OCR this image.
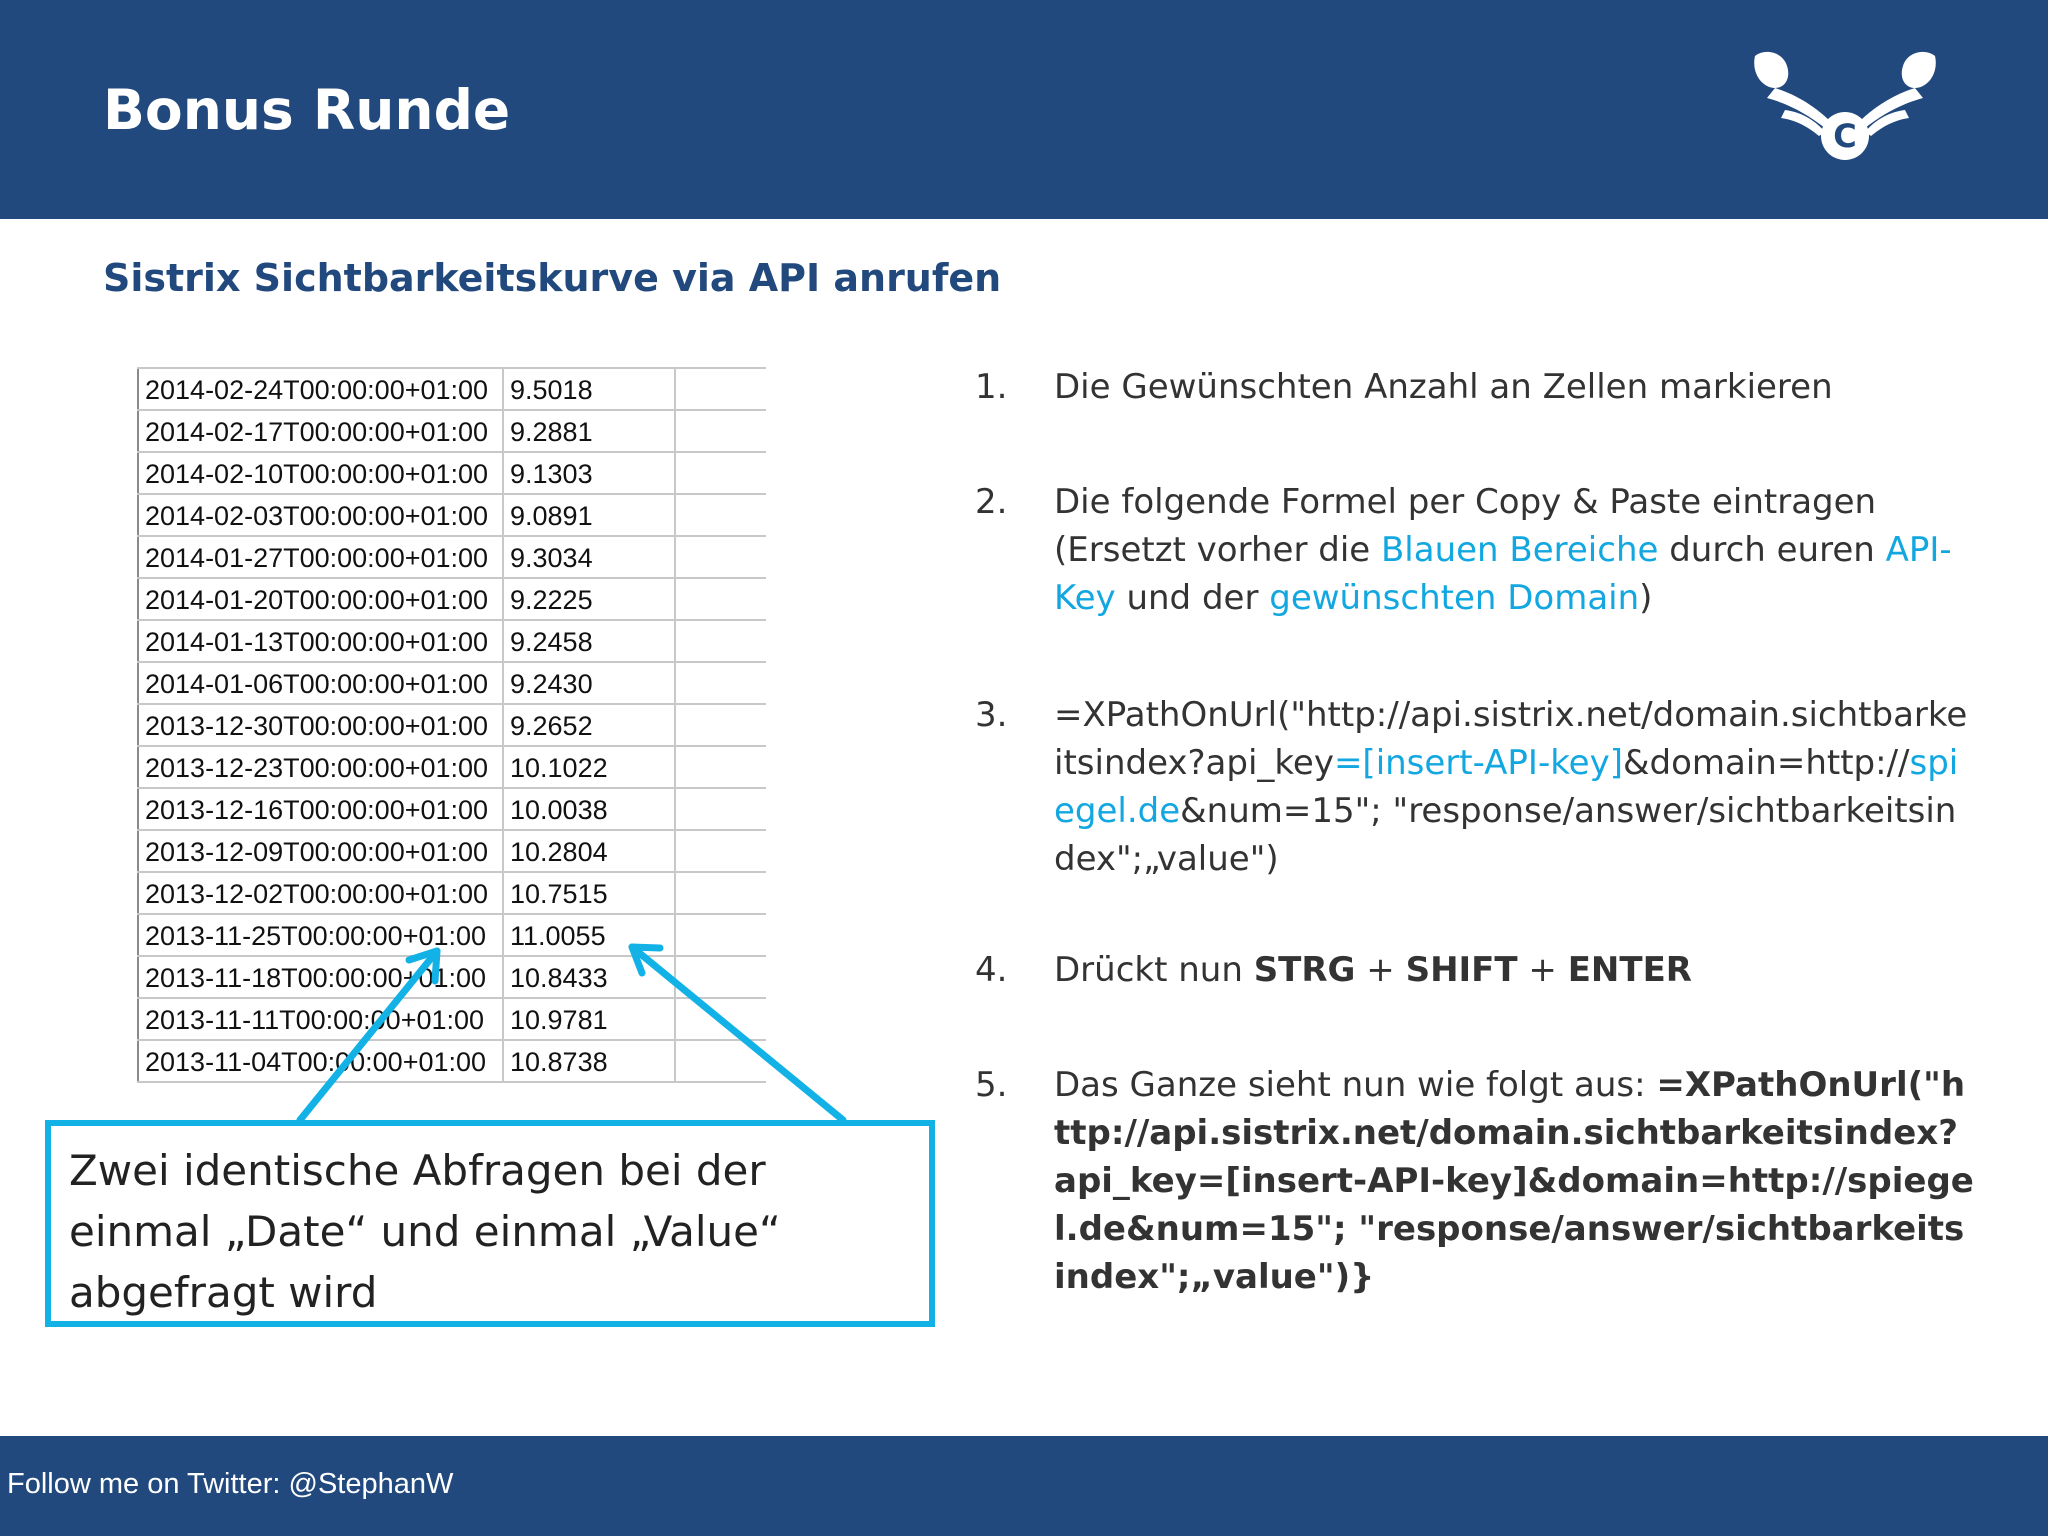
Bonus Runde	C
Sistrix Sichtbarkeitskurve via API anrufen
2014-02-24T00:00:00+01:00	9.5018	
2014-02-17T00:00:00+01:00	9.2881	
2014-02-10T00:00:00+01:00	9.1303	
2014-02-03T00:00:00+01:00	9.0891	
2014-01-27T00:00:00+01:00	9.3034	
2014-01-20T00:00:00+01:00	9.2225	
2014-01-13T00:00:00+01:00	9.2458	
2014-01-06T00:00:00+01:00	9.2430	
2013-12-30T00:00:00+01:00	9.2652	
2013-12-23T00:00:00+01:00	10.1022	
2013-12-16T00:00:00+01:00	10.0038	
2013-12-09T00:00:00+01:00	10.2804	
2013-12-02T00:00:00+01:00	10.7515	
2013-11-25T00:00:00+01:00	11.0055	
2013-11-18T00:00:00+01:00	10.8433	
2013-11-11T00:00:00+01:00	10.9781	
2013-11-04T00:00:00+01:00	10.8738	
Zwei identische Abfragen bei der einmal „Date“ und einmal „Value“ abgefragt wird
1. Die Gewünschten Anzahl an Zellen markieren
2. Die folgende Formel per Copy & Paste eintragen (Ersetzt vorher die Blauen Bereiche durch euren API-Key und der gewünschten Domain)
3. =XPathOnUrl("http://api.sistrix.net/domain.sichtbarkeitsindex?api_key=[insert-API-key]&domain=http://spiegel.de&num=15"; "response/answer/sichtbarkeitsindex";„value")
4. Drückt nun STRG + SHIFT + ENTER
5. Das Ganze sieht nun wie folgt aus: =XPathOnUrl("http://api.sistrix.net/domain.sichtbarkeitsindex?api_key=[insert-API-key]&domain=http://spiegel.de&num=15"; "response/answer/sichtbarkeitsindex";„value")}
Follow me on Twitter: @StephanW
